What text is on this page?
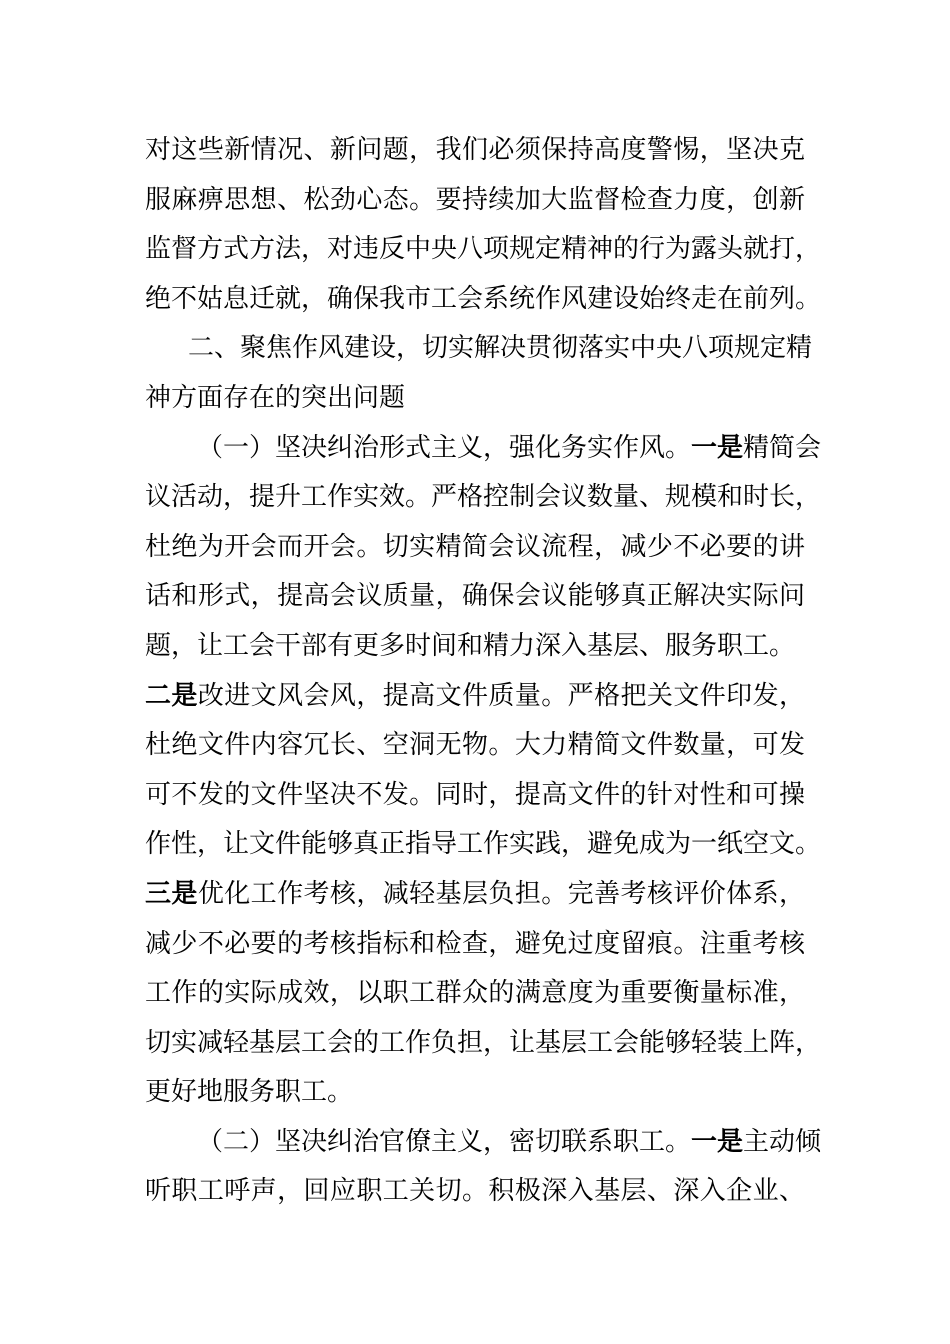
对这些新情况、新问题，我们必须保持高度警惕，坚决克
服麻痹思想、松劲心态。要持续加大监督检查力度，创新
监督方式方法，对违反中央八项规定精神的行为露头就打，
绝不姑息迁就，确保我市工会系统作风建设始终走在前列。
二、聚焦作风建设，切实解决贯彻落实中央八项规定精
神方面存在的突出问题
（一）坚决纠治形式主义，强化务实作风。一是精简会
议活动，提升工作实效。严格控制会议数量、规模和时长，
杜绝为开会而开会。切实精简会议流程，减少不必要的讲
话和形式，提高会议质量，确保会议能够真正解决实际问
题，让工会干部有更多时间和精力深入基层、服务职工。
二是改进文风会风，提高文件质量。严格把关文件印发，
杜绝文件内容冗长、空洞无物。大力精简文件数量，可发
可不发的文件坚决不发。同时，提高文件的针对性和可操
作性，让文件能够真正指导工作实践，避免成为一纸空文。
三是优化工作考核，减轻基层负担。完善考核评价体系，
减少不必要的考核指标和检查，避免过度留痕。注重考核
工作的实际成效，以职工群众的满意度为重要衡量标准，
切实减轻基层工会的工作负担，让基层工会能够轻装上阵，
更好地服务职工。
（二）坚决纠治官僚主义，密切联系职工。一是主动倾
听职工呼声，回应职工关切。积极深入基层、深入企业、
